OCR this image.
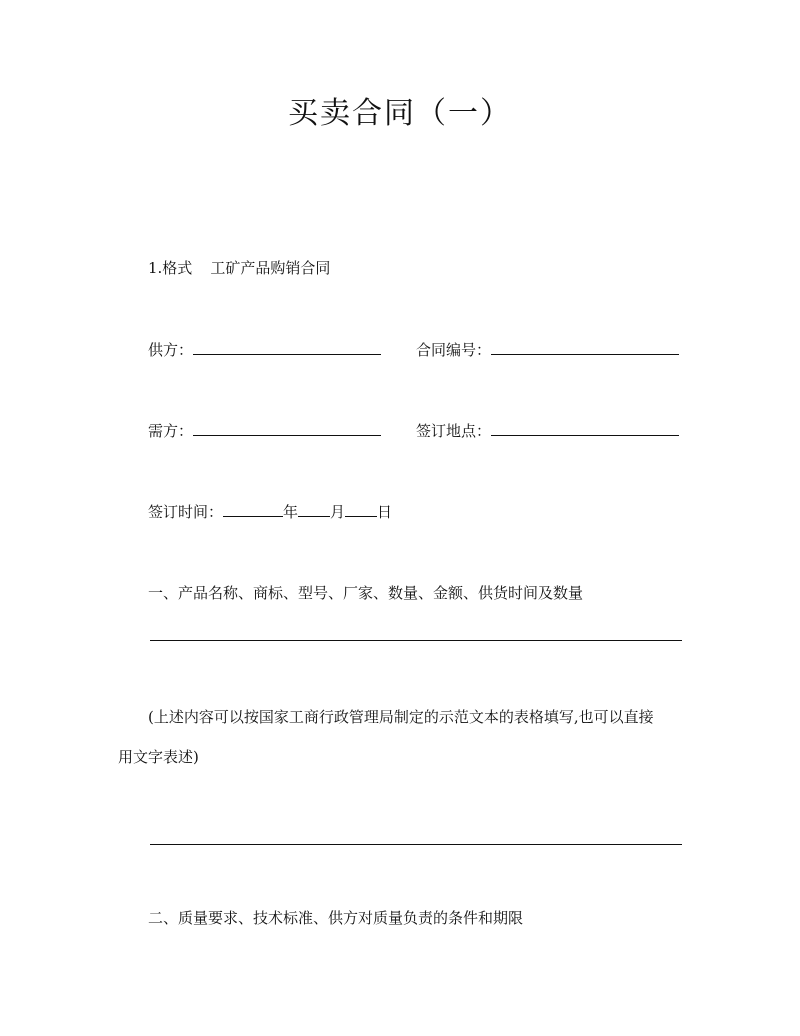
买卖合同（一）
1.格式 工矿产品购销合同
供方：	合同编号：
需方：	签订地点：
签订时间：	年 月 日
一、产品名称、商标、型号、厂家、数量、金额、供货时间及数量
(上述内容可以按国家工商行政管理局制定的示范文本的表格填写,也可以直接
用文字表述)
二、质量要求、技术标准、供方对质量负责的条件和期限
